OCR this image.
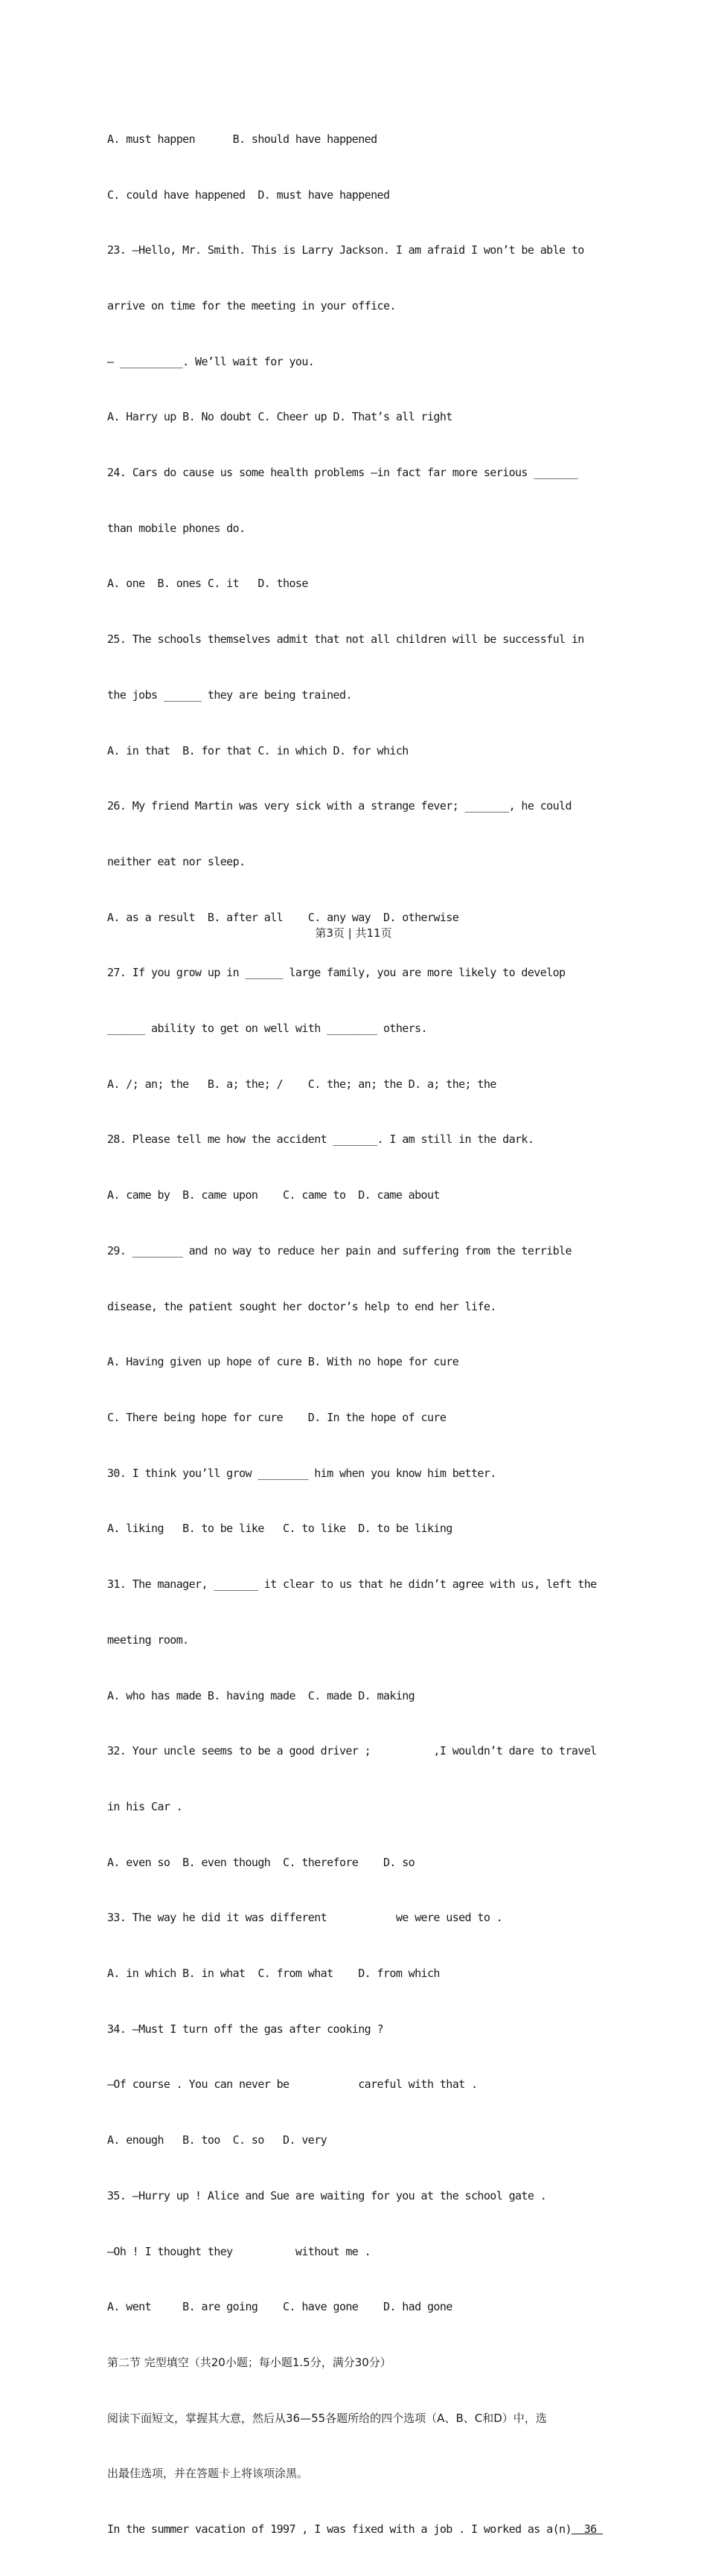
A. must happen      B. should have happened

C. could have happened  D. must have happened

23. —Hello, Mr. Smith. This is Larry Jackson. I am afraid I won’t be able to

arrive on time for the meeting in your office.

— __________. We’ll wait for you.

A. Harry up B. No doubt C. Cheer up D. That’s all right

24. Cars do cause us some health problems —in fact far more serious _______

than mobile phones do.

A. one  B. ones C. it   D. those

25. The schools themselves admit that not all children will be successful in

the jobs ______ they are being trained.

A. in that  B. for that C. in which D. for which

26. My friend Martin was very sick with a strange fever; _______, he could

neither eat nor sleep.

A. as a result  B. after all    C. any way  D. otherwise

27. If you grow up in ______ large family, you are more likely to develop

______ ability to get on well with ________ others.

A. /; an; the   B. a; the; /    C. the; an; the D. a; the; the

28. Please tell me how the accident _______. I am still in the dark.

A. came by  B. came upon    C. came to  D. came about

29. ________ and no way to reduce her pain and suffering from the terrible

disease, the patient sought her doctor’s help to end her life.

A. Having given up hope of cure B. With no hope for cure

C. There being hope for cure    D. In the hope of cure

30. I think you’ll grow ________ him when you know him better.

A. liking   B. to be like   C. to like  D. to be liking

31. The manager, _______ it clear to us that he didn’t agree with us, left the

meeting room.

A. who has made B. having made  C. made D. making

32. Your uncle seems to be a good driver ;          ,I wouldn’t dare to travel

in his Car .

A. even so  B. even though  C. therefore    D. so

33. The way he did it was different           we were used to .

A. in which B. in what  C. from what    D. from which

34. —Must I turn off the gas after cooking ?

—Of course . You can never be           careful with that .

A. enough   B. too  C. so   D. very

35. —Hurry up ! Alice and Sue are waiting for you at the school gate .

—Oh ! I thought they          without me .

A. went     B. are going    C. have gone    D. had gone

第二节 完型填空（共20小题；每小题1.5分，满分30分）

阅读下面短文，掌握其大意，然后从36—55各题所给的四个选项（A、B、C和D）中，选

出最佳选项，并在答题卡上将该项涂黑。

In the summer vacation of 1997 , I was fixed with a job . I worked as a(n)  36

第3页 | 共11页
